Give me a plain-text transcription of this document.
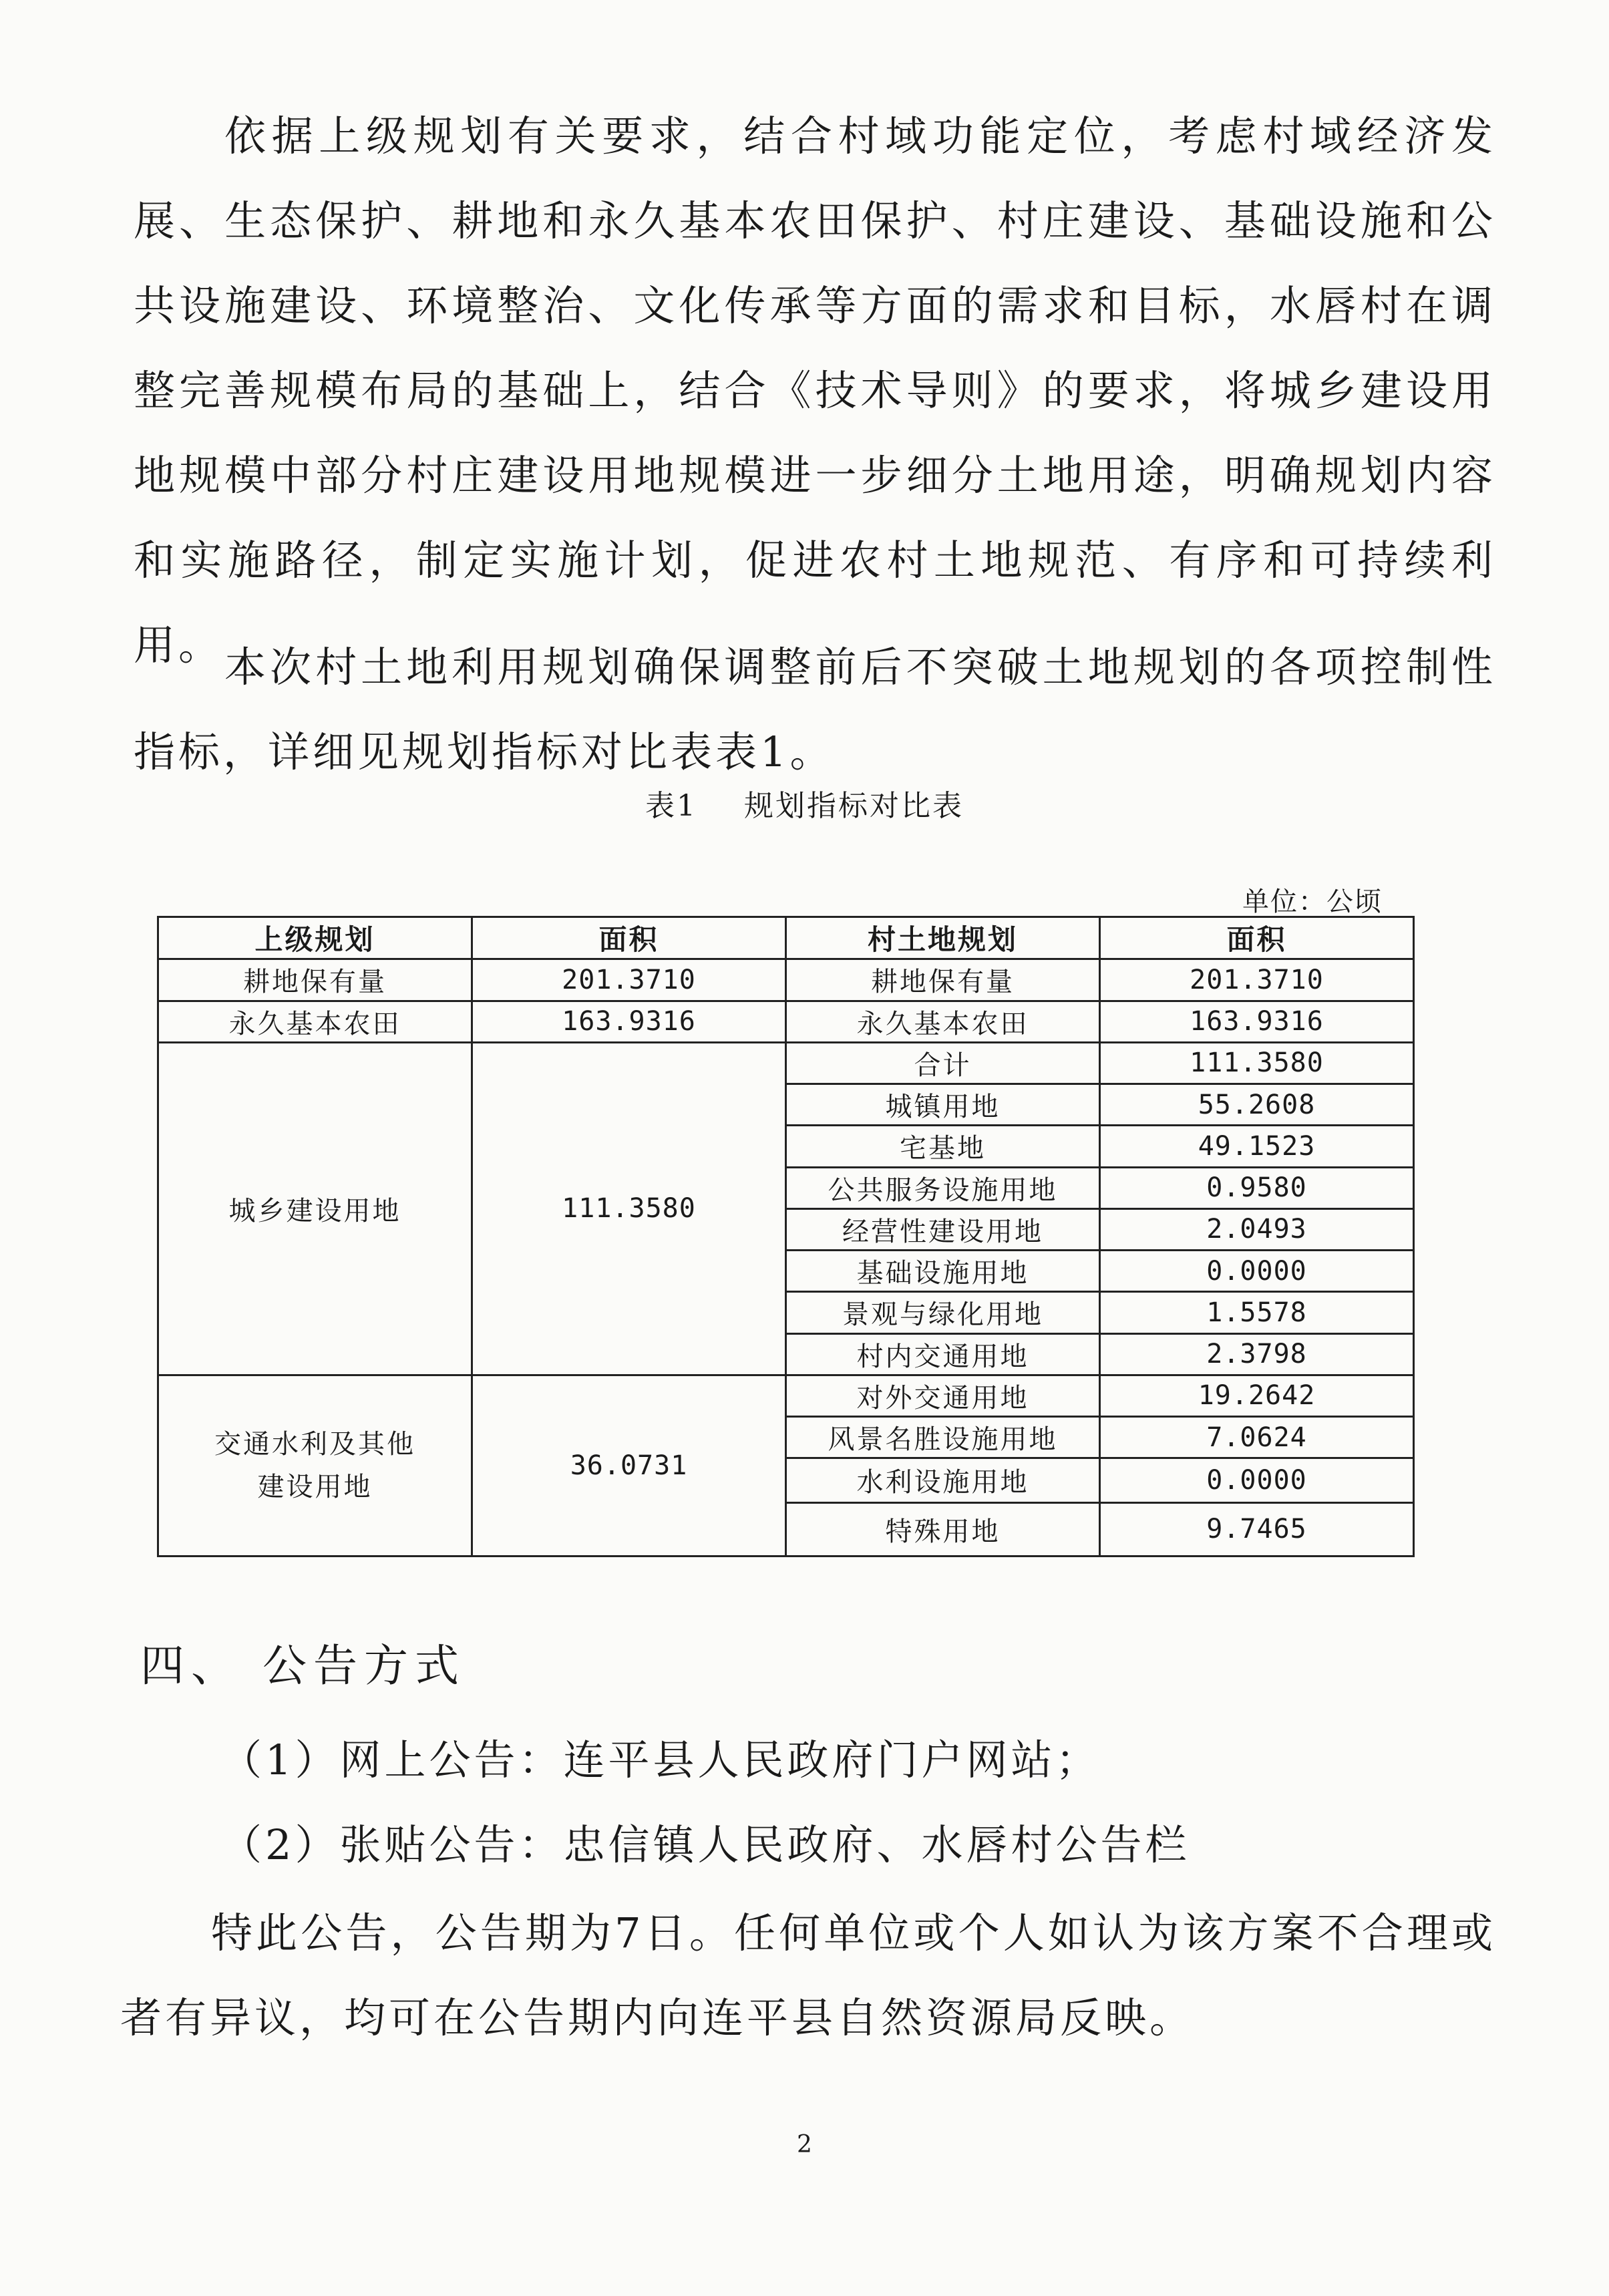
依据上级规划有关要求，结合村域功能定位，考虑村域经济发展、生态保护、耕地和永久基本农田保护、村庄建设、基础设施和公共设施建设、环境整治、文化传承等方面的需求和目标，水唇村在调整完善规模布局的基础上，结合《技术导则》的要求，将城乡建设用地规模中部分村庄建设用地规模进一步细分土地用途，明确规划内容和实施路径，制定实施计划，促进农村土地规范、有序和可持续利用。 本次村土地利用规划确保调整前后不突破土地规划的各项控制性指标，详细见规划指标对比表表1。

表1 规划指标对比表
单位：公顷
上级规划	面积	村土地规划	面积
耕地保有量	201.3710	耕地保有量	201.3710
永久基本农田	163.9316	永久基本农田	163.9316
城乡建设用地	111.3580	合计	111.3580
		城镇用地	55.2608
		宅基地	49.1523
		公共服务设施用地	0.9580
		经营性建设用地	2.0493
		基础设施用地	0.0000
		景观与绿化用地	1.5578
		村内交通用地	2.3798

交通水利及其他
建设用地	36.0731	对外交通用地	19.2642
		风景名胜设施用地	7.0624
		水利设施用地	0.0000
		特殊用地	9.7465
四、 公告方式
（1）网上公告：连平县人民政府门户网站；
（2）张贴公告：忠信镇人民政府、水唇村公告栏

特此公告，公告期为7日。任何单位或个人如认为该方案不合理或者有异议，均可在公告期内向连平县自然资源局反映。

2
